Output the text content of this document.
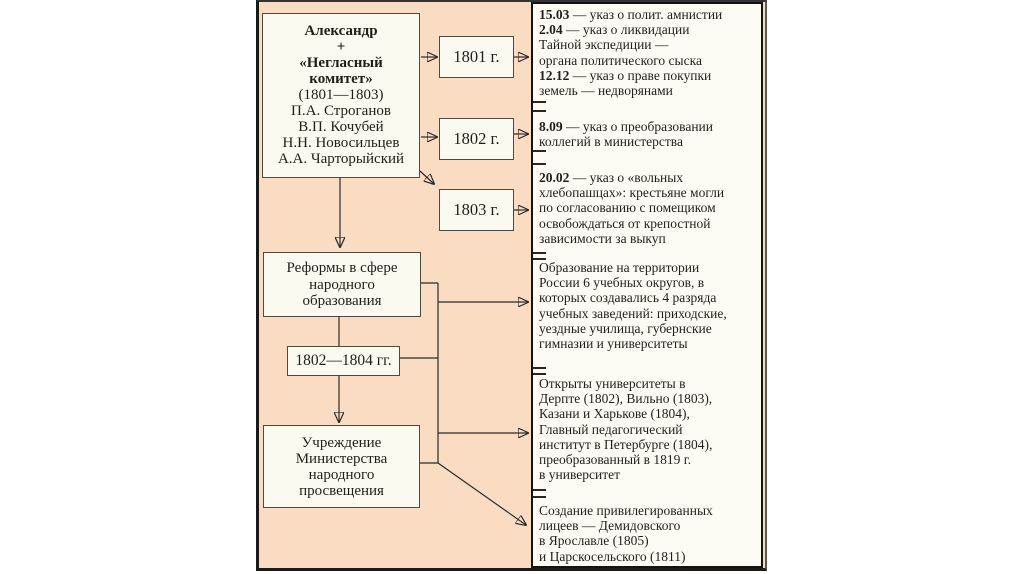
Александр
+
«Негласный
комитет»
(1801—1803)
П.А. Строганов
В.П. Кочубей
Н.Н. Новосильцев
А.А. Чарторыйский
1801 г.
1802 г.
1803 г.
Реформы в сфере
народного
образования
1802—1804 гг.
Учреждение
Министерства
народного
просвещения
15.03 — указ о полит. амнистии
2.04 — указ о ликвидации
Тайной экспедиции —
органа политического сыска
12.12 — указ о праве покупки
земель — недворянами
8.09 — указ о преобразовании
коллегий в министерства
20.02 — указ о «вольных
хлебопашцах»: крестьяне могли
по согласованию с помещиком
освобождаться от крепостной
зависимости за выкуп
Образование на территории
России 6 учебных округов, в
которых создавались 4 разряда
учебных заведений: приходские,
уездные училища, губернские
гимназии и университеты
Открыты университеты в
Дерпте (1802), Вильно (1803),
Казани и Харькове (1804),
Главный педагогический
институт в Петербурге (1804),
преобразованный в 1819 г.
в университет
Создание привилегированных
лицеев — Демидовского
в Ярославле (1805)
и Царскосельского (1811)
